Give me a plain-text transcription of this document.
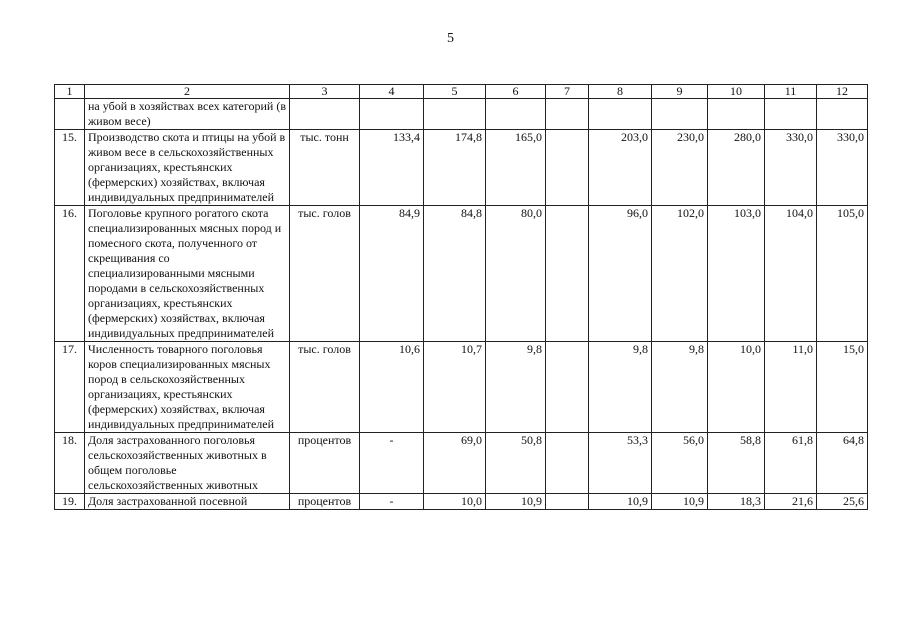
5
1	2	3	4	5	6	7	8	9	10	11	12
	на убой в хозяйствах всех категорий (в живом весе)										
15.	Производство скота и птицы на убой в живом весе в сельскохозяйственных организациях, крестьянских (фермерских) хозяйствах, включая индивидуальных предпринимателей	тыс. тонн	133,4	174,8	165,0		203,0	230,0	280,0	330,0	330,0
16.	Поголовье крупного рогатого скота специализированных мясных пород и помесного скота, полученного от скрещивания со специализированными мясными породами в сельскохозяйственных организациях, крестьянских (фермерских) хозяйствах, включая индивидуальных предпринимателей	тыс. голов	84,9	84,8	80,0		96,0	102,0	103,0	104,0	105,0
17.	Численность товарного поголовья коров специализированных мясных пород в сельскохозяйственных организациях, крестьянских (фермерских) хозяйствах, включая индивидуальных предпринимателей	тыс. голов	10,6	10,7	9,8		9,8	9,8	10,0	11,0	15,0
18.	Доля застрахованного поголовья сельскохозяйственных животных в общем поголовье сельскохозяйственных животных	процентов	-	69,0	50,8		53,3	56,0	58,8	61,8	64,8
19.	Доля застрахованной посевной	процентов	-	10,0	10,9		10,9	10,9	18,3	21,6	25,6
